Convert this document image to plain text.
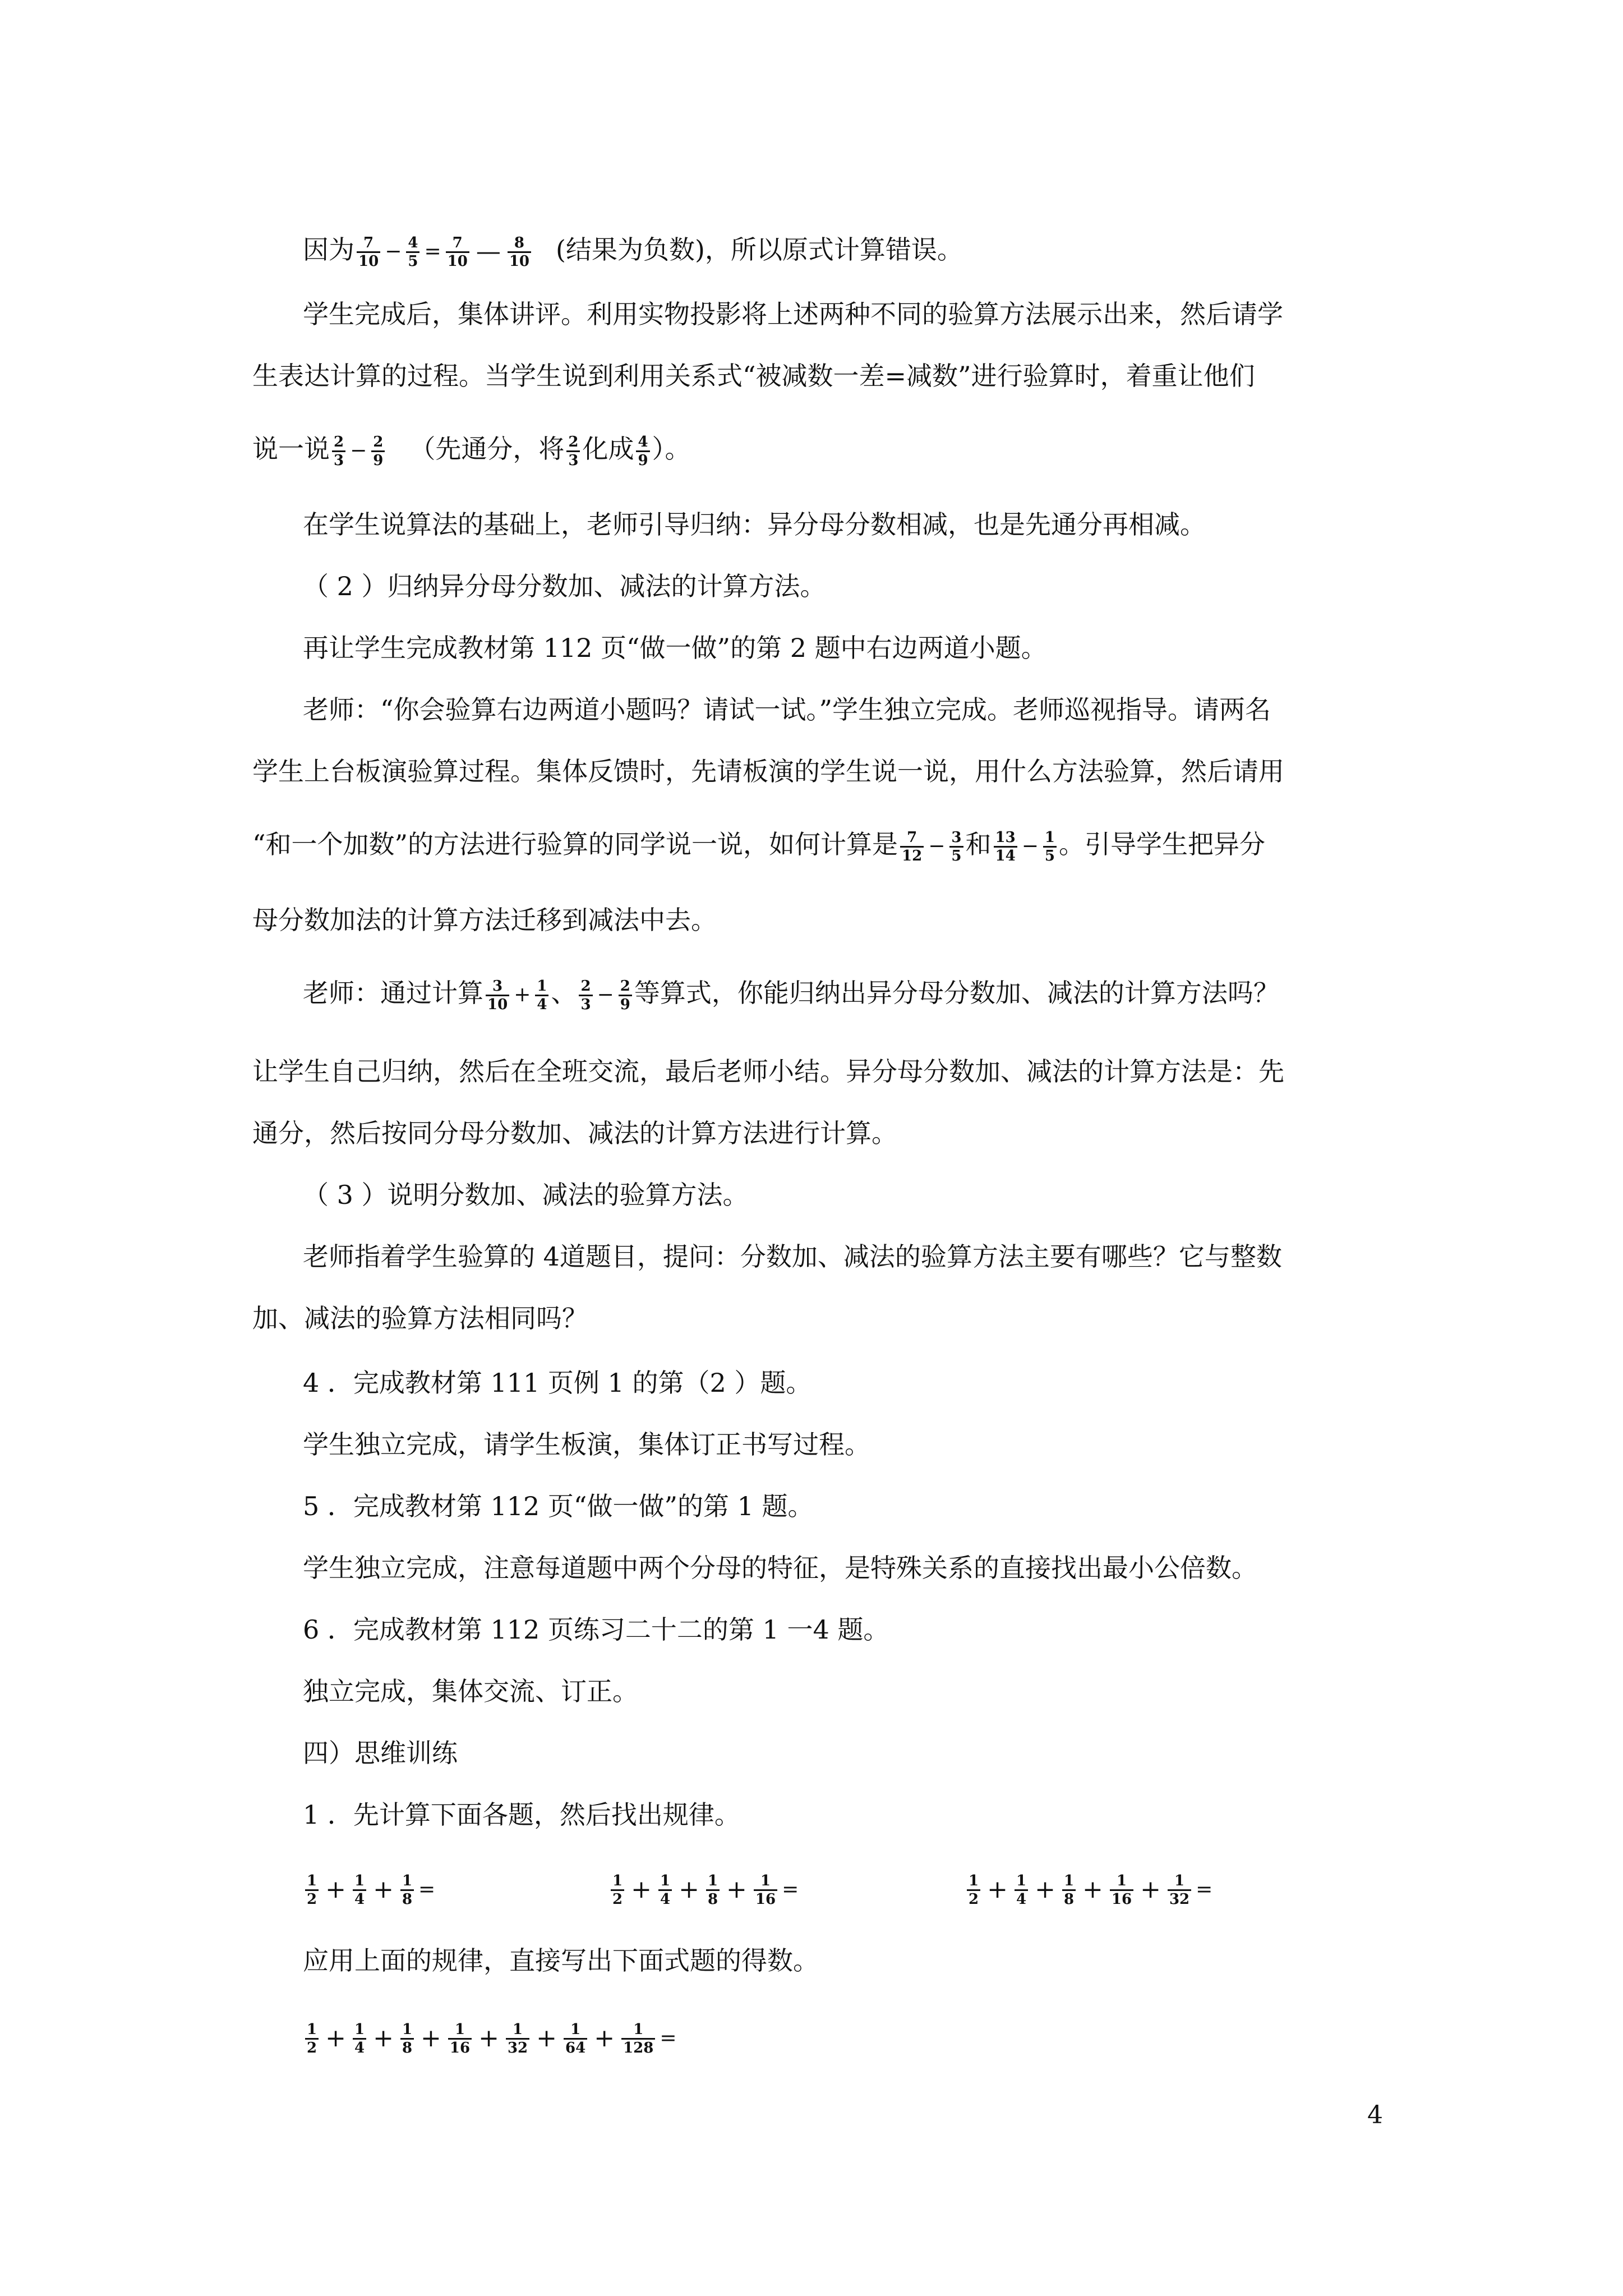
因为 $\frac{7}{10} - \frac{4}{5} = \frac{7}{10}$ — $\frac{8}{10}$ (结果为负数)，所以原式计算错误。
学生完成后，集体讲评。利用实物投影将上述两种不同的验算方法展示出来，然后请学
生表达计算的过程。当学生说到利用关系式“被减数一差=减数”进行验算时，着重让他们
说一说 $\frac{2}{3} - \frac{2}{9}$ （先通分，将 $\frac{2}{3}$ 化成 $\frac{4}{9}$ ）。
在学生说算法的基础上，老师引导归纳：异分母分数相减，也是先通分再相减。
（ 2 ）归纳异分母分数加、减法的计算方法。
再让学生完成教材第 112 页“做一做”的第 2 题中右边两道小题。
老师：“你会验算右边两道小题吗？请试一试。”学生独立完成。老师巡视指导。请两名
学生上台板演验算过程。集体反馈时，先请板演的学生说一说，用什么方法验算，然后请用
“和一个加数”的方法进行验算的同学说一说，如何计算是 $\frac{7}{12} - \frac{3}{5}$ 和 $\frac{13}{14} - \frac{1}{5}$ 。引导学生把异分
母分数加法的计算方法迁移到减法中去。
老师：通过计算 $\frac{3}{10} + \frac{1}{4}$ 、 $\frac{2}{3} - \frac{2}{9}$ 等算式，你能归纳出异分母分数加、减法的计算方法吗？
让学生自己归纳，然后在全班交流，最后老师小结。异分母分数加、减法的计算方法是：先
通分，然后按同分母分数加、减法的计算方法进行计算。
（ 3 ）说明分数加、减法的验算方法。
老师指着学生验算的 4道题目，提问：分数加、减法的验算方法主要有哪些？它与整数
加、减法的验算方法相同吗？
4 ．完成教材第 111 页例 1 的第（2 ）题。
学生独立完成，请学生板演，集体订正书写过程。
5 ．完成教材第 112 页“做一做”的第 1 题。
学生独立完成，注意每道题中两个分母的特征，是特殊关系的直接找出最小公倍数。
6 ．完成教材第 112 页练习二十二的第 1 一4 题。
独立完成，集体交流、订正。
四）思维训练
1 ．先计算下面各题，然后找出规律。
$\frac{1}{2} + \frac{1}{4} + \frac{1}{8}$ =	$\frac{1}{2} + \frac{1}{4} + \frac{1}{8} + \frac{1}{16}$ =	$\frac{1}{2} + \frac{1}{4} + \frac{1}{8} + \frac{1}{16} + \frac{1}{32}$ =
应用上面的规律，直接写出下面式题的得数。
$\frac{1}{2} + \frac{1}{4} + \frac{1}{8} + \frac{1}{16} + \frac{1}{32} + \frac{1}{64} + \frac{1}{128}$ =
4
